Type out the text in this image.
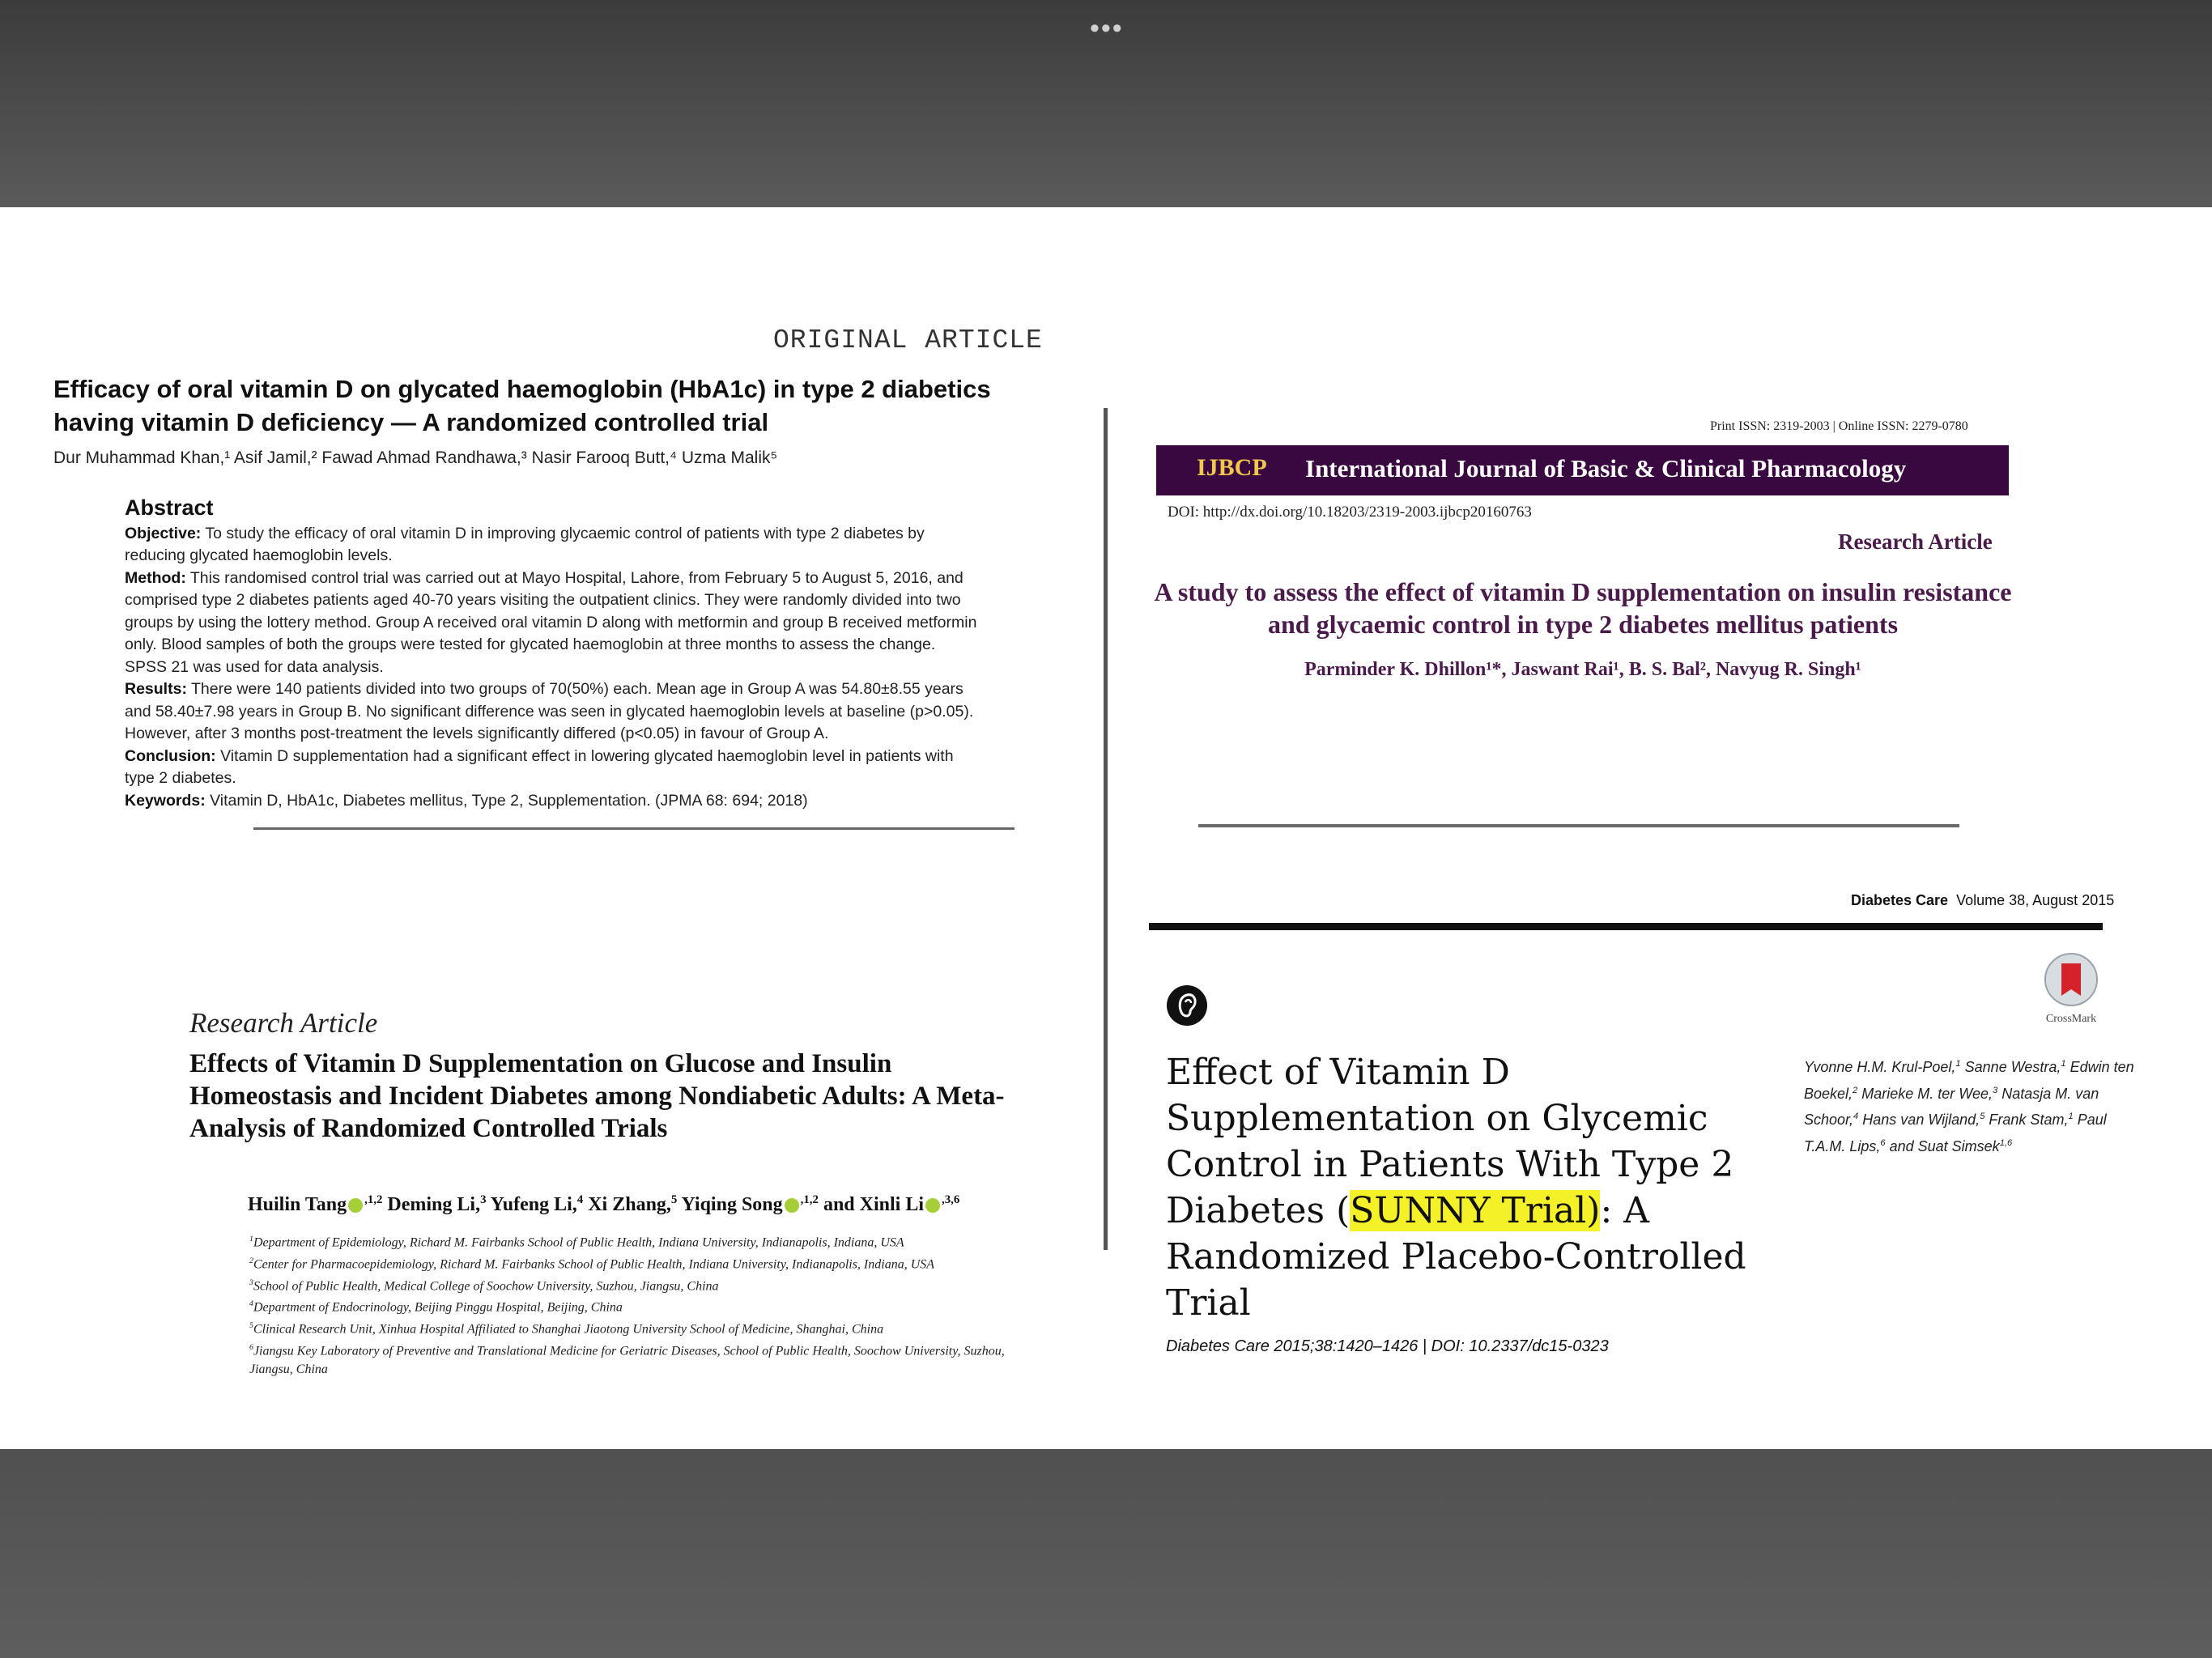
•••
ORIGINAL ARTICLE
Efficacy of oral vitamin D on glycated haemoglobin (HbA1c) in type 2 diabetics having vitamin D deficiency — A randomized controlled trial
Dur Muhammad Khan,¹ Asif Jamil,² Fawad Ahmad Randhawa,³ Nasir Farooq Butt,⁴ Uzma Malik⁵
Abstract

Objective: To study the efficacy of oral vitamin D in improving glycaemic control of patients with type 2 diabetes by reducing glycated haemoglobin levels.

Method: This randomised control trial was carried out at Mayo Hospital, Lahore, from February 5 to August 5, 2016, and comprised type 2 diabetes patients aged 40-70 years visiting the outpatient clinics. They were randomly divided into two groups by using the lottery method. Group A received oral vitamin D along with metformin and group B received metformin only. Blood samples of both the groups were tested for glycated haemoglobin at three months to assess the change. SPSS 21 was used for data analysis.

Results: There were 140 patients divided into two groups of 70(50%) each. Mean age in Group A was 54.80±8.55 years and 58.40±7.98 years in Group B. No significant difference was seen in glycated haemoglobin levels at baseline (p>0.05). However, after 3 months post-treatment the levels significantly differed (p<0.05) in favour of Group A.

Conclusion: Vitamin D supplementation had a significant effect in lowering glycated haemoglobin level in patients with type 2 diabetes.

Keywords: Vitamin D, HbA1c, Diabetes mellitus, Type 2, Supplementation. (JPMA 68: 694; 2018)

Print ISSN: 2319-2003 | Online ISSN: 2279-0780
IJBCP International Journal of Basic & Clinical Pharmacology
DOI: http://dx.doi.org/10.18203/2319-2003.ijbcp20160763
Research Article
A study to assess the effect of vitamin D supplementation on insulin resistance and glycaemic control in type 2 diabetes mellitus patients
Parminder K. Dhillon¹*, Jaswant Rai¹, B. S. Bal², Navyug R. Singh¹
Research Article
Effects of Vitamin D Supplementation on Glucose and Insulin Homeostasis and Incident Diabetes among Nondiabetic Adults: A Meta-Analysis of Randomized Controlled Trials
Huilin Tang $^{,1,2}$ Deming Li,$^3$ Yufeng Li,$^4$ Xi Zhang,$^5$ Yiqing Song $^{,1,2}$ and Xinli Li $^{,3,6}$
$^1$Department of Epidemiology, Richard M. Fairbanks School of Public Health, Indiana University, Indianapolis, Indiana, USA
$^2$Center for Pharmacoepidemiology, Richard M. Fairbanks School of Public Health, Indiana University, Indianapolis, Indiana, USA
$^3$School of Public Health, Medical College of Soochow University, Suzhou, Jiangsu, China
$^4$Department of Endocrinology, Beijing Pinggu Hospital, Beijing, China
$^5$Clinical Research Unit, Xinhua Hospital Affiliated to Shanghai Jiaotong University School of Medicine, Shanghai, China
$^6$Jiangsu Key Laboratory of Preventive and Translational Medicine for Geriatric Diseases, School of Public Health, Soochow University, Suzhou, Jiangsu, China
Diabetes Care Volume 38, August 2015
CrossMark
Effect of Vitamin D Supplementation on Glycemic Control in Patients With Type 2 Diabetes (SUNNY Trial): A Randomized Placebo-Controlled Trial
Yvonne H.M. Krul-Poel,$^1$ Sanne Westra,$^1$ Edwin ten Boekel,$^2$ Marieke M. ter Wee,$^3$ Natasja M. van Schoor,$^4$ Hans van Wijland,$^5$ Frank Stam,$^1$ Paul T.A.M. Lips,$^6$ and Suat Simsek$^{1,6}$
Diabetes Care 2015;38:1420–1426 | DOI: 10.2337/dc15-0323
